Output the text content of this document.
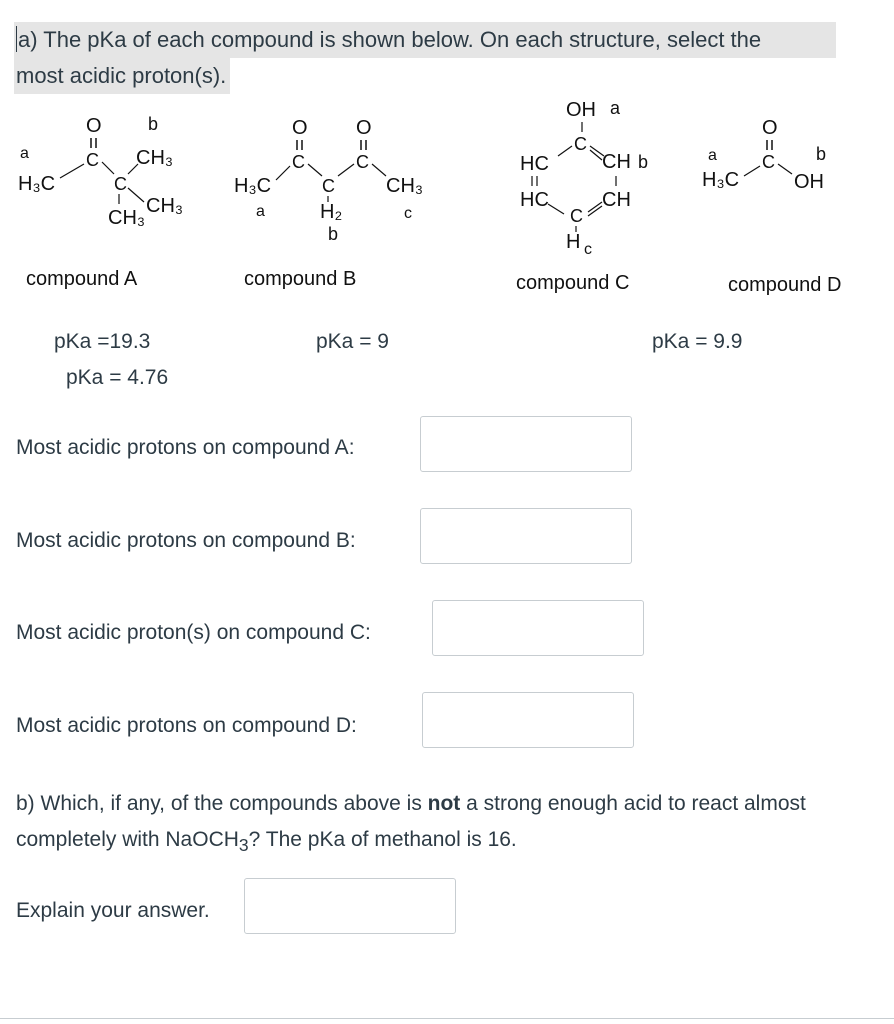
a) The pKa of each compound is shown below. On each structure, select the
most acidic proton(s).
a
O	b
C
H₃C	C
CH₃
CH₃
CH₃
compound A
pKa =19.3
pKa = 4.76
O O
C	C
H₃C
a
C
H₂
b
CH₃
c
compound B
pKa = 9
OH a
C
HC	CH b
HC	CH
C
H c
compound C
O
C
a	b
H₃C	OH
compound D
pKa = 9.9
Most acidic protons on compound A:
Most acidic protons on compound B:
Most acidic proton(s) on compound C:
Most acidic protons on compound D:
b) Which, if any, of the compounds above is not a strong enough acid to react almost completely with NaOCH$_3$? The pKa of methanol is 16.
Explain your answer.
